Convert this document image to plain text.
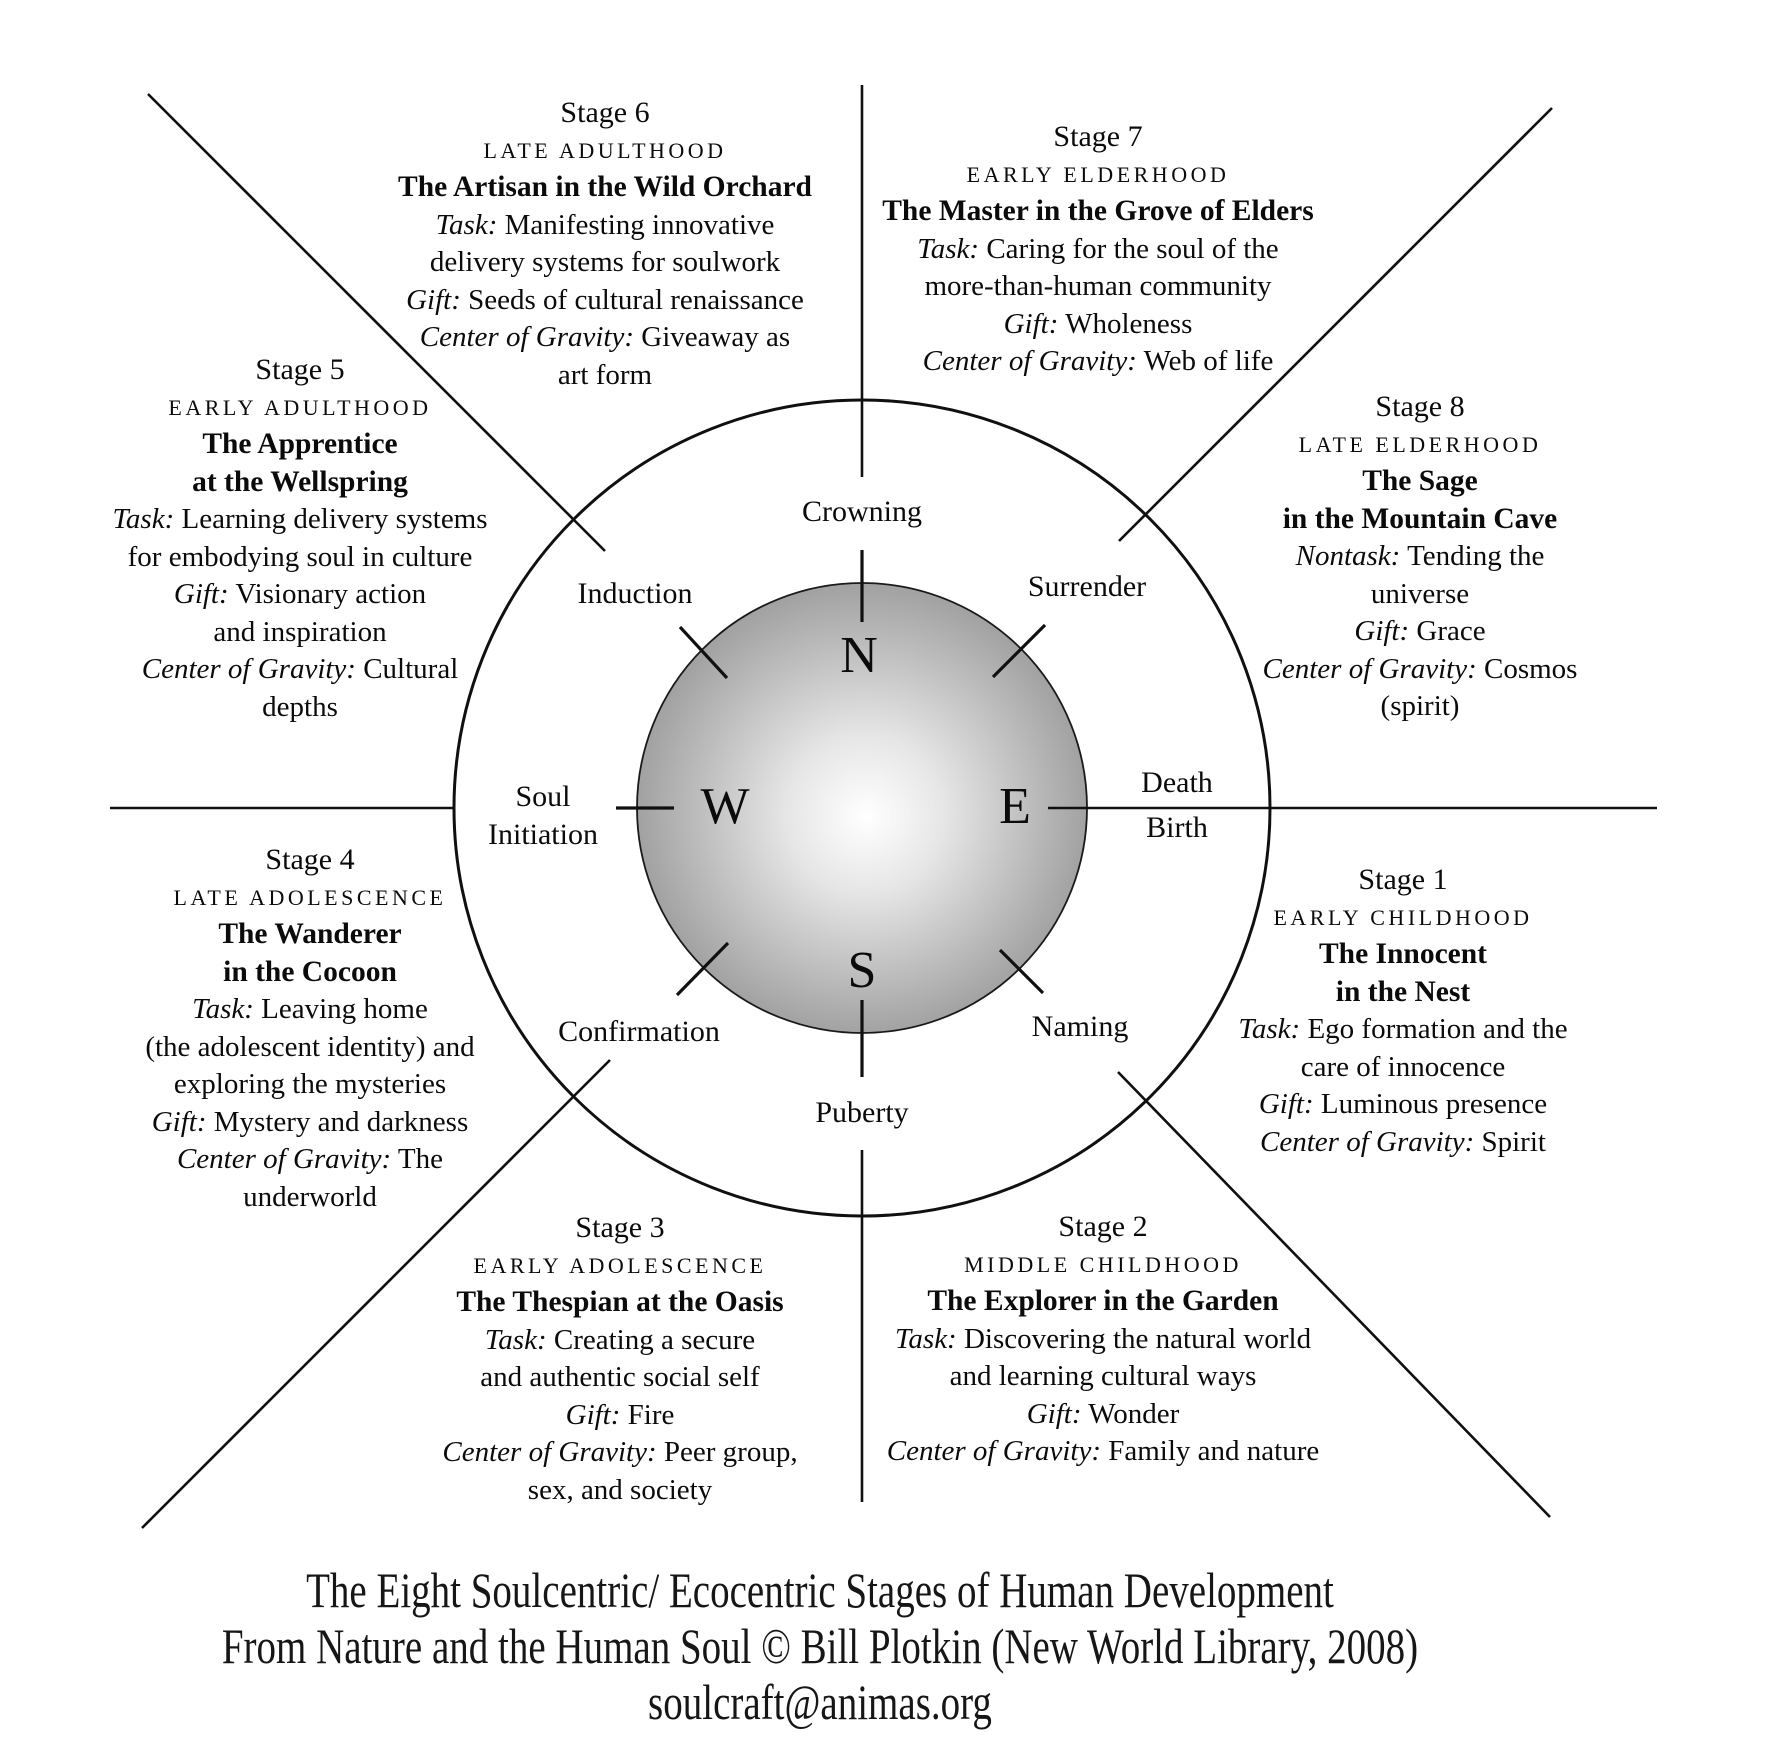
N
W	E
S
Crowning
Induction	Surrender
Soul
Initiation
Death
Birth
Confirmation	Naming
Puberty
Stage 6
LATE ADULTHOOD
The Artisan in the Wild Orchard
Task: Manifesting innovative
delivery systems for soulwork
Gift: Seeds of cultural renaissance
Center of Gravity: Giveaway as
art form
Stage 7
EARLY ELDERHOOD
The Master in the Grove of Elders
Task: Caring for the soul of the
more-than-human community
Gift: Wholeness
Center of Gravity: Web of life
Stage 5
EARLY ADULTHOOD
The Apprentice
at the Wellspring
Task: Learning delivery systems
for embodying soul in culture
Gift: Visionary action
and inspiration
Center of Gravity: Cultural
depths
Stage 8
LATE ELDERHOOD
The Sage
in the Mountain Cave
Nontask: Tending the
universe
Gift: Grace
Center of Gravity: Cosmos
(spirit)
Stage 4
LATE ADOLESCENCE
The Wanderer
in the Cocoon
Task: Leaving home
(the adolescent identity) and
exploring the mysteries
Gift: Mystery and darkness
Center of Gravity: The
underworld
Stage 1
EARLY CHILDHOOD
The Innocent
in the Nest
Task: Ego formation and the
care of innocence
Gift: Luminous presence
Center of Gravity: Spirit
Stage 3
EARLY ADOLESCENCE
The Thespian at the Oasis
Task: Creating a secure
and authentic social self
Gift: Fire
Center of Gravity: Peer group,
sex, and society
Stage 2
MIDDLE CHILDHOOD
The Explorer in the Garden
Task: Discovering the natural world
and learning cultural ways
Gift: Wonder
Center of Gravity: Family and nature
The Eight Soulcentric/ Ecocentric Stages of Human Development
From Nature and the Human Soul © Bill Plotkin (New World Library, 2008)
soulcraft@animas.org
